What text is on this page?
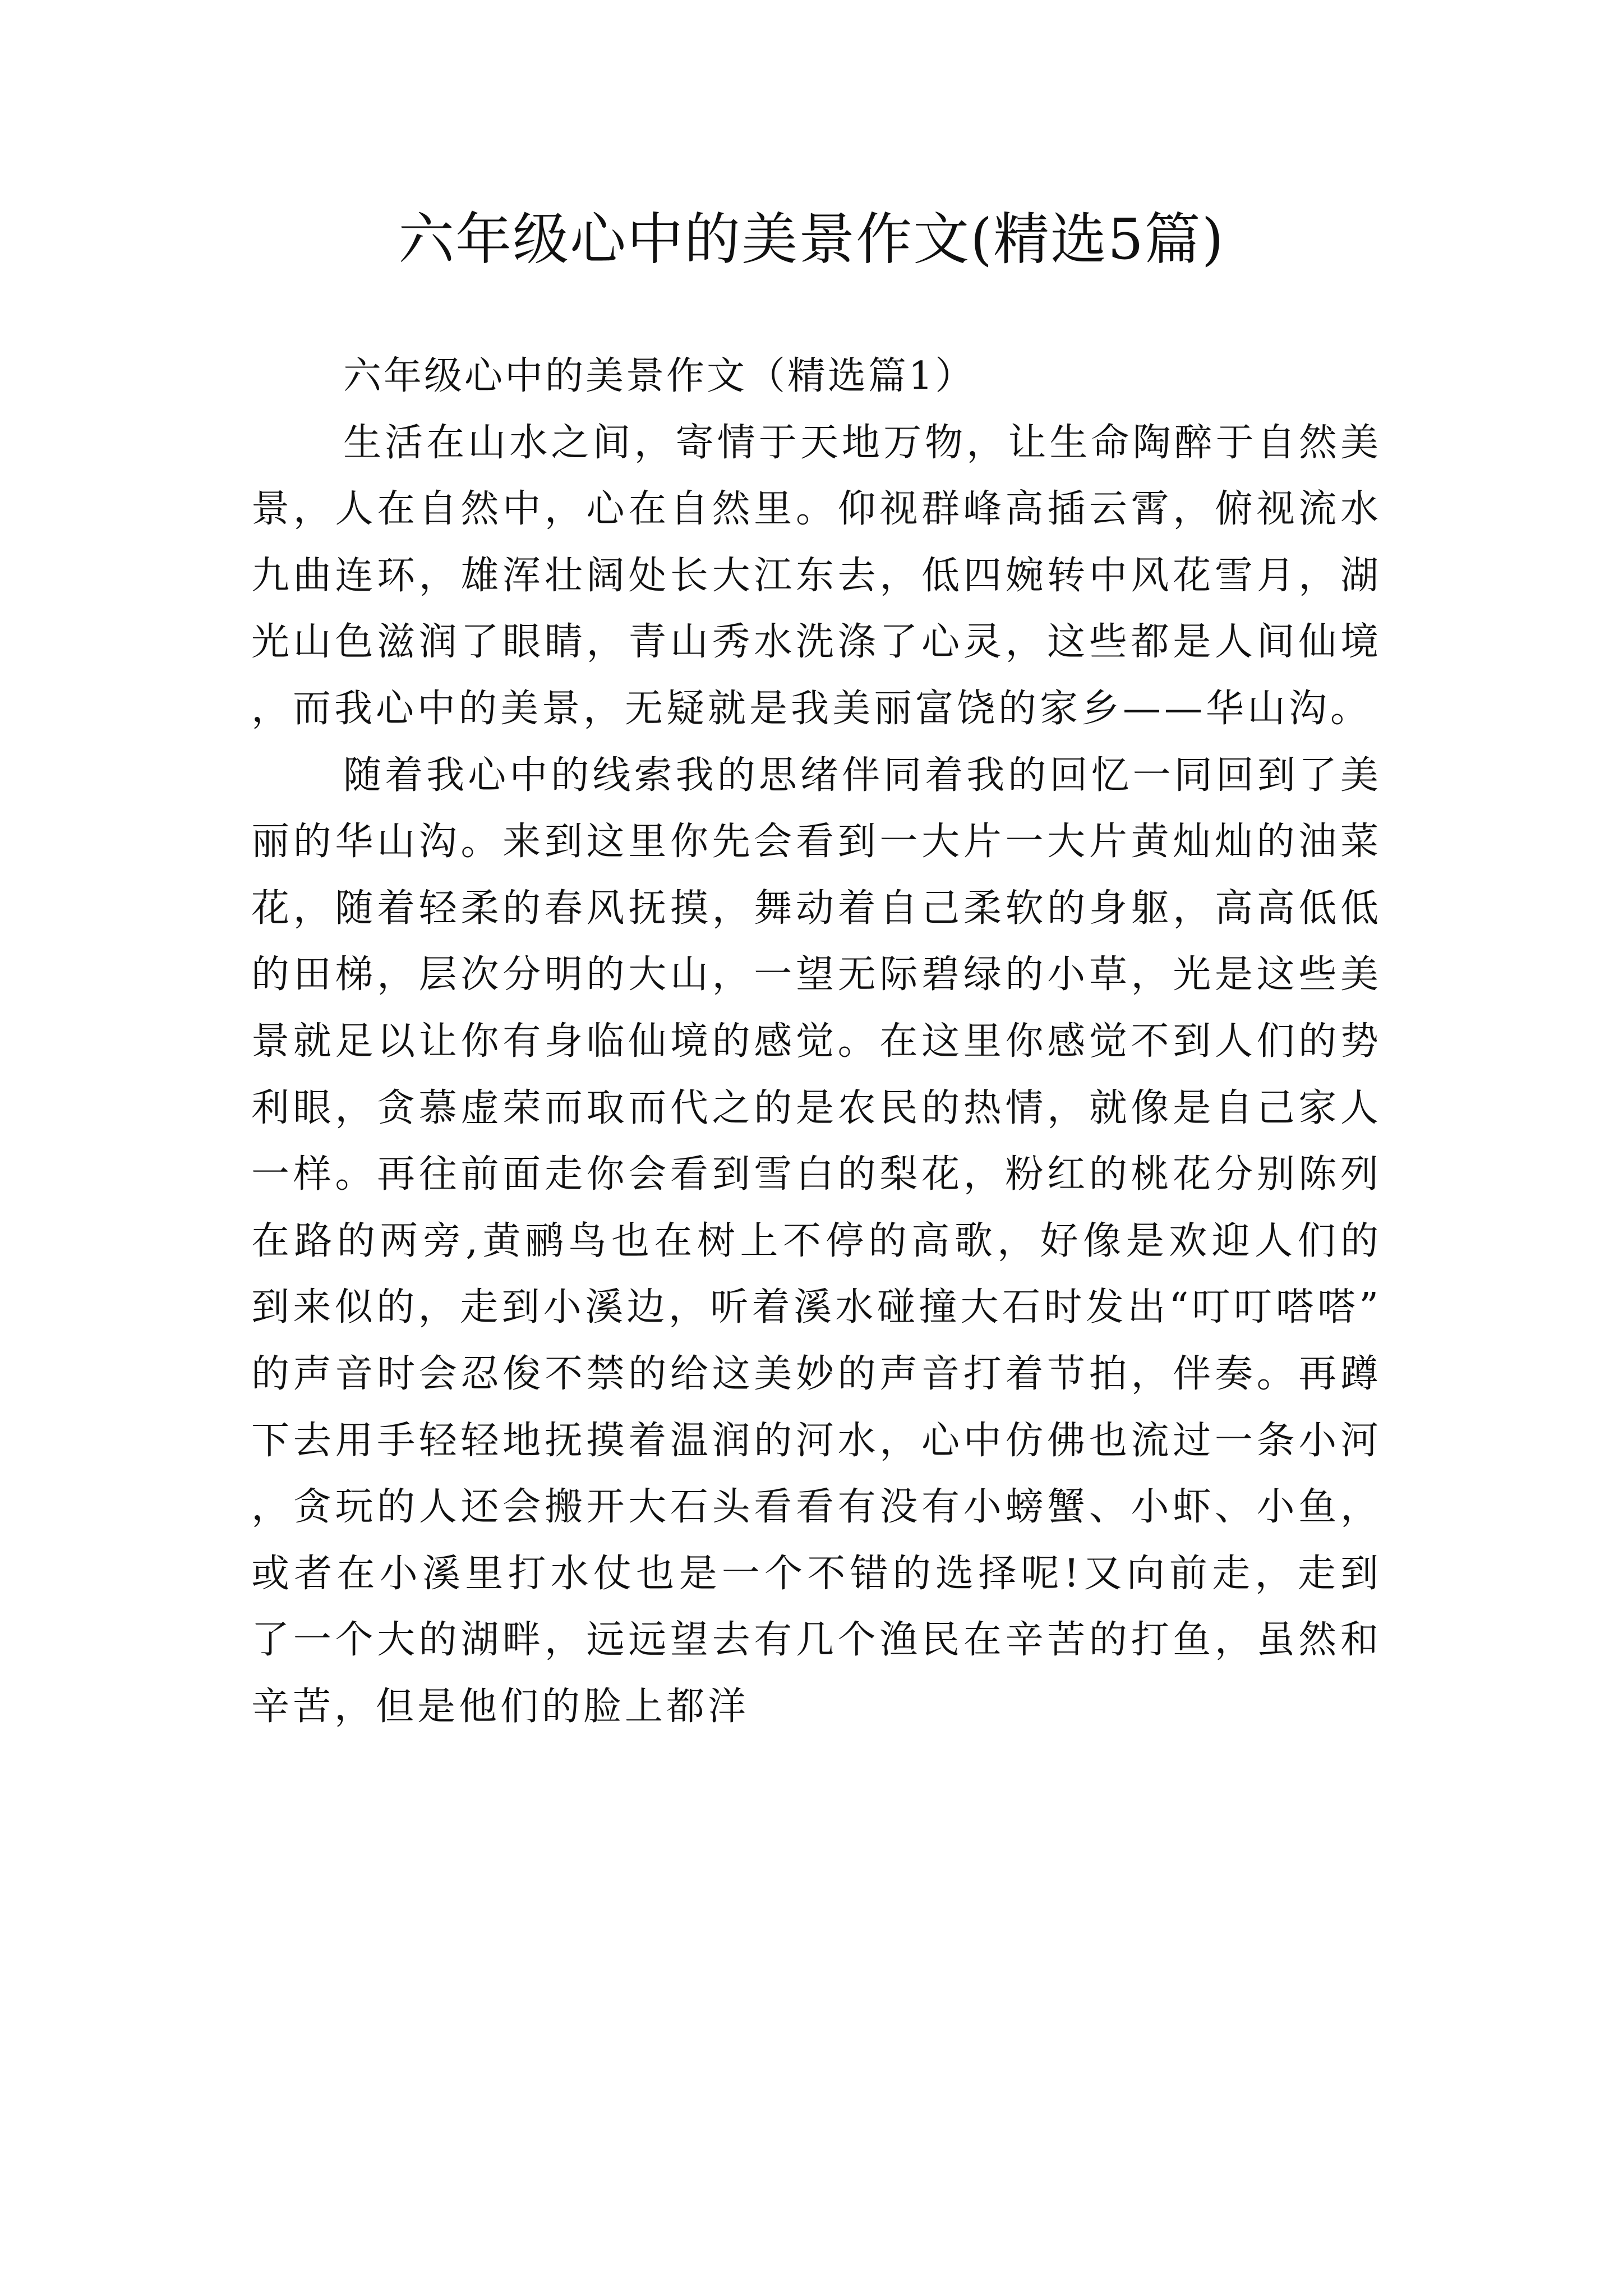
六年级心中的美景作文(精选5篇)
六年级心中的美景作文（精选篇1）

生活在山水之间，寄情于天地万物，让生命陶醉于自然美景，人在自然中，心在自然里。仰视群峰高插云霄，俯视流水九曲连环，雄浑壮阔处长大江东去，低四婉转中风花雪月，湖光山色滋润了眼睛，青山秀水洗涤了心灵，这些都是人间仙境，而我心中的美景，无疑就是我美丽富饶的家乡——华山沟。

随着我心中的线索我的思绪伴同着我的回忆一同回到了美丽的华山沟。来到这里你先会看到一大片一大片黄灿灿的油菜花，随着轻柔的春风抚摸，舞动着自己柔软的身躯，高高低低的田梯，层次分明的大山，一望无际碧绿的小草，光是这些美景就足以让你有身临仙境的感觉。在这里你感觉不到人们的势利眼，贪慕虚荣而取而代之的是农民的热情，就像是自己家人一样。再往前面走你会看到雪白的梨花，粉红的桃花分别陈列在路的两旁,黄鹂鸟也在树上不停的高歌，好像是欢迎人们的到来似的，走到小溪边，听着溪水碰撞大石时发出“叮叮嗒嗒”的声音时会忍俊不禁的给这美妙的声音打着节拍，伴奏。再蹲下去用手轻轻地抚摸着温润的河水，心中仿佛也流过一条小河，贪玩的人还会搬开大石头看看有没有小螃蟹、小虾、小鱼，或者在小溪里打水仗也是一个不错的选择呢!又向前走，走到了一个大的湖畔，远远望去有几个渔民在辛苦的打鱼，虽然和辛苦，但是他们的脸上都洋
